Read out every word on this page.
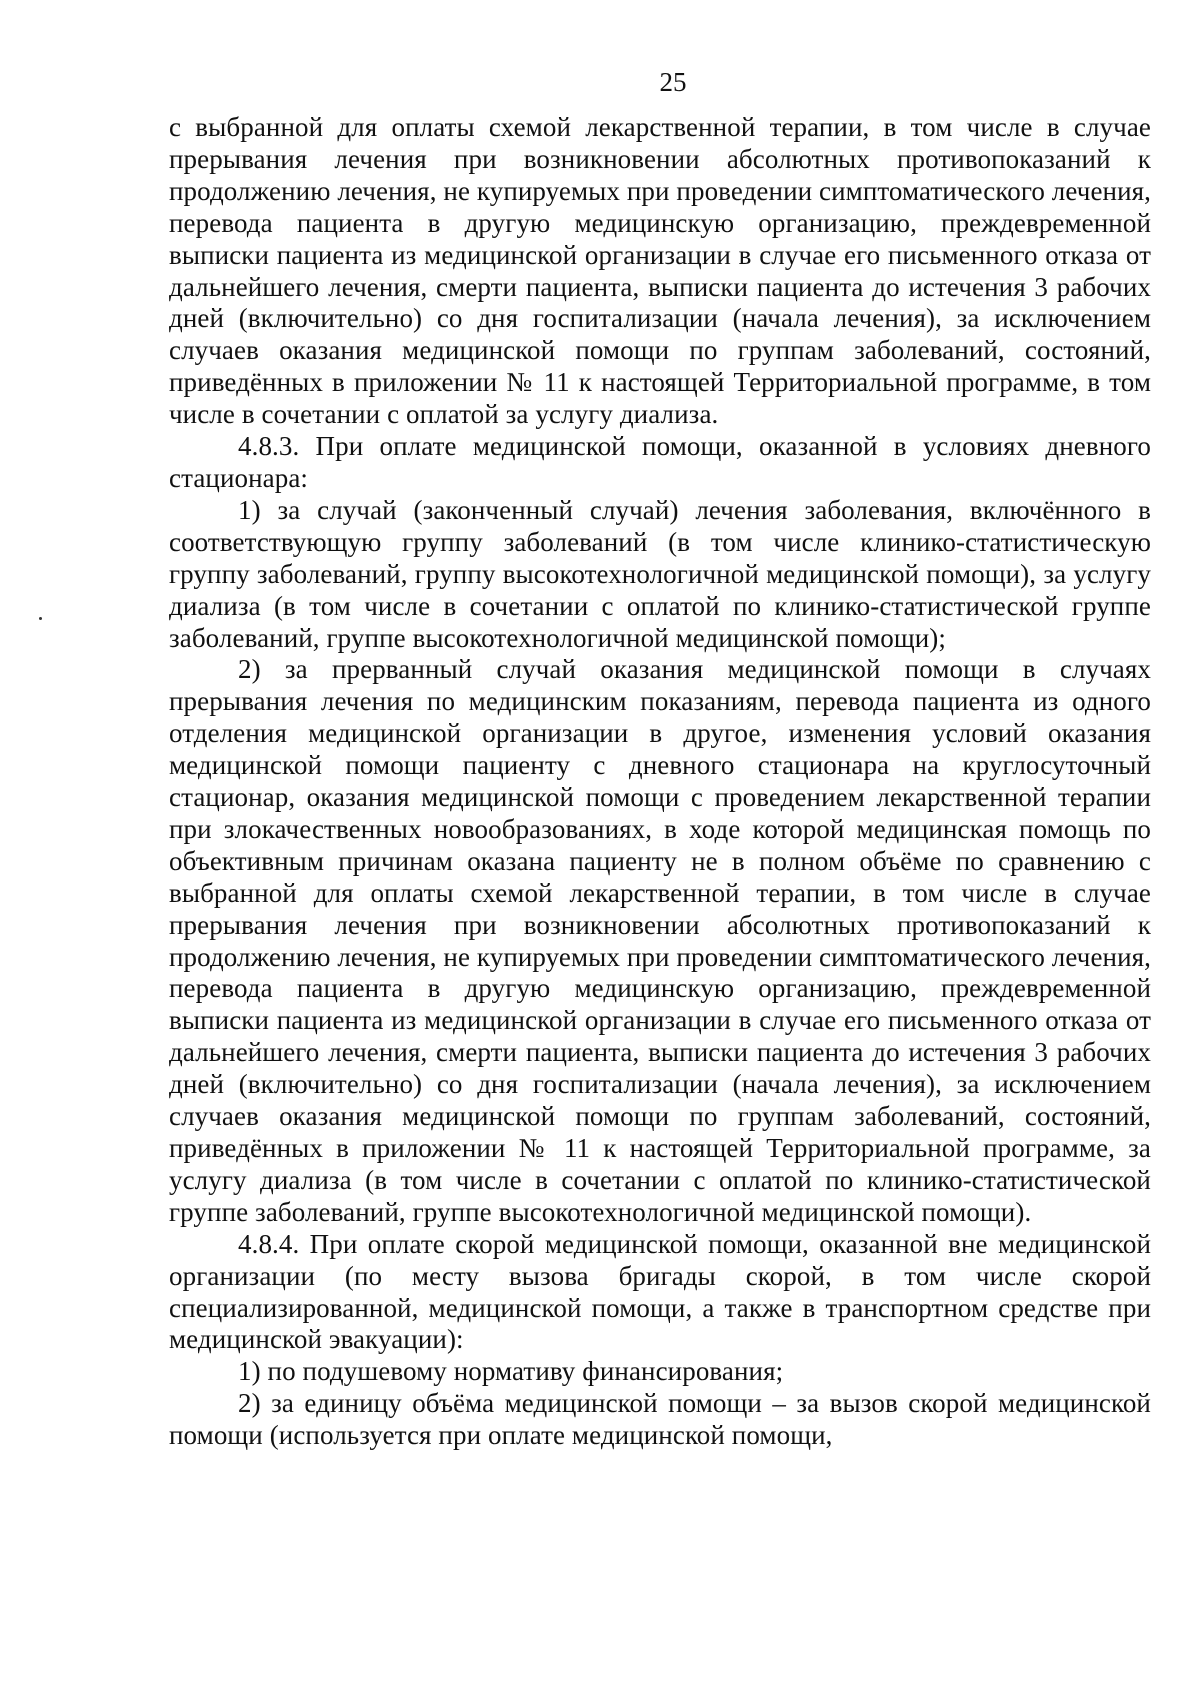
25

с выбранной для оплаты схемой лекарственной терапии, в том числе в случае прерывания лечения при возникновении абсолютных противопоказаний к продолжению лечения, не купируемых при проведении симптоматического лечения, перевода пациента в другую медицинскую организацию, преждевременной выписки пациента из медицинской организации в случае его письменного отказа от дальнейшего лечения, смерти пациента, выписки пациента до истечения 3 рабочих дней (включительно) со дня госпитализации (начала лечения), за исключением случаев оказания медицинской помощи по группам заболеваний, состояний, приведённых в приложении № 11 к настоящей Территориальной программе, в том числе в сочетании с оплатой за услугу диализа.

4.8.3. При оплате медицинской помощи, оказанной в условиях дневного стационара:

1) за случай (законченный случай) лечения заболевания, включённого в соответствующую группу заболеваний (в том числе клинико-статистическую группу заболеваний, группу высокотехнологичной медицинской помощи), за услугу диализа (в том числе в сочетании с оплатой по клинико-статистической группе заболеваний, группе высокотехнологичной медицинской помощи);

2) за прерванный случай оказания медицинской помощи в случаях прерывания лечения по медицинским показаниям, перевода пациента из одного отделения медицинской организации в другое, изменения условий оказания медицинской помощи пациенту с дневного стационара на круглосуточный стационар, оказания медицинской помощи с проведением лекарственной терапии при злокачественных новообразованиях, в ходе которой медицинская помощь по объективным причинам оказана пациенту не в полном объёме по сравнению с выбранной для оплаты схемой лекарственной терапии, в том числе в случае прерывания лечения при возникновении абсолютных противопоказаний к продолжению лечения, не купируемых при проведении симптоматического лечения, перевода пациента в другую медицинскую организацию, преждевременной выписки пациента из медицинской организации в случае его письменного отказа от дальнейшего лечения, смерти пациента, выписки пациента до истечения 3 рабочих дней (включительно) со дня госпитализации (начала лечения), за исключением случаев оказания медицинской помощи по группам заболеваний, состояний, приведённых в приложении № 11 к настоящей Территориальной программе, за услугу диализа (в том числе в сочетании с оплатой по клинико-статистической группе заболеваний, группе высокотехнологичной медицинской помощи).

4.8.4. При оплате скорой медицинской помощи, оказанной вне медицинской организации (по месту вызова бригады скорой, в том числе скорой специализированной, медицинской помощи, а также в транспортном средстве при медицинской эвакуации):

1) по подушевому нормативу финансирования;

2) за единицу объёма медицинской помощи – за вызов скорой медицинской помощи (используется при оплате медицинской помощи,
